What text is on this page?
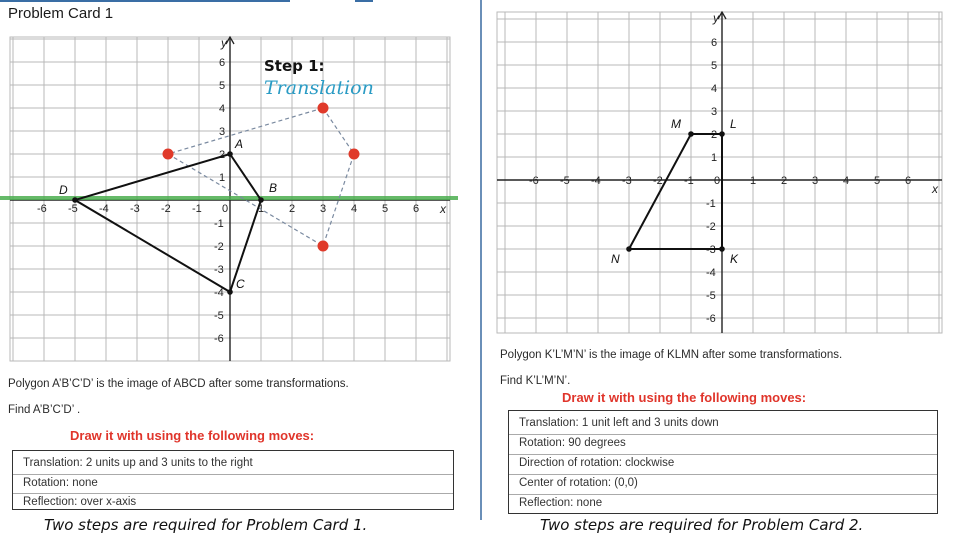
Problem Card 1
y
x
-6 -5 -4 -3 -2 -1 0	1 2 3 4 5 6
-6
-5
-4
-3
-2
-1
1
2
3
4
5
6
A
B
C
D
Step 1:
Translation
Polygon A’B’C’D’ is the image of ABCD after some transformations.
Find A’B’C’D’ .
Draw it with using the following moves:
Translation: 2 units up and 3 units to the right
Rotation: none
Reflection: over x-axis
Two steps are required for Problem Card 1.
y
x
-6 -5 -4 -3 -2 -1 0	1 2 3 4 5 6
-6
-5
-4
-3
-2
-1
1
2
3
4
5
6
K
L
M
N
Polygon K’L’M’N’ is the image of KLMN after some transformations.
Find K’L’M’N’.
Draw it with using the following moves:
Translation: 1 unit left and 3 units down
Rotation: 90 degrees
Direction of rotation: clockwise
Center of rotation: (0,0)
Reflection: none
Two steps are required for Problem Card 2.
